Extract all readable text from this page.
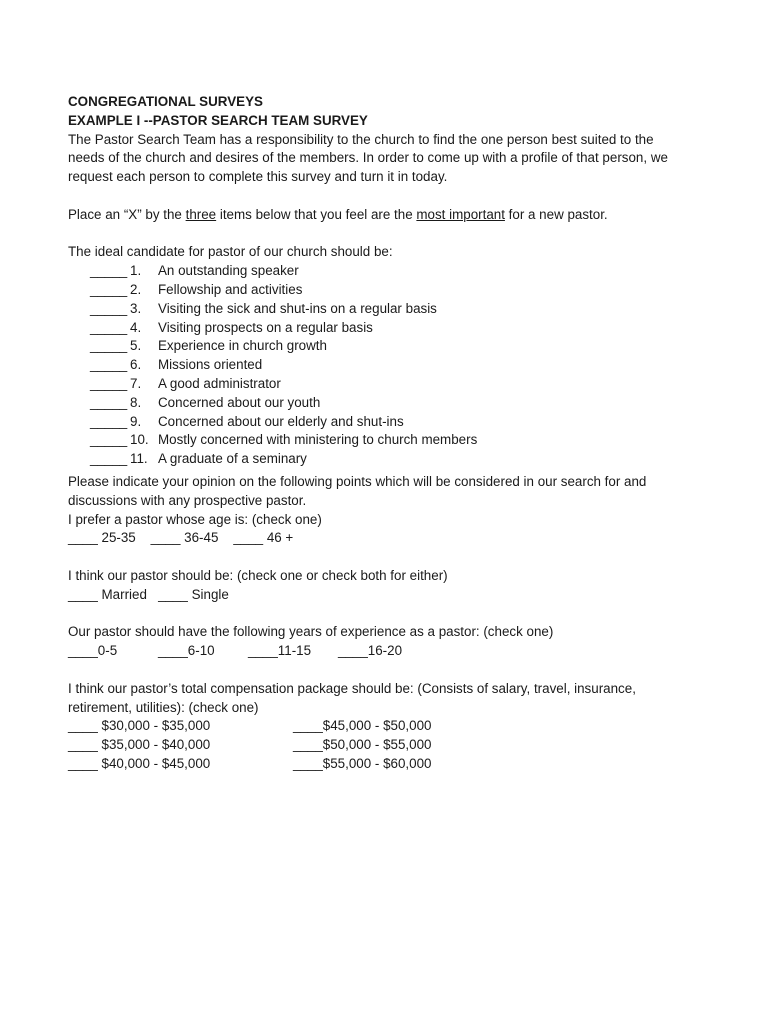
CONGREGATIONAL SURVEYS
EXAMPLE I --PASTOR SEARCH TEAM SURVEY
The Pastor Search Team has a responsibility to the church to find the one person best suited to the
needs of the church and desires of the members. In order to come up with a profile of that person, we
request each person to complete this survey and turn it in today.
Place an “X” by the three items below that you feel are the most important for a new pastor.
The ideal candidate for pastor of our church should be:
_____ 1.	An outstanding speaker
_____ 2.	Fellowship and activities
_____ 3.	Visiting the sick and shut-ins on a regular basis
_____ 4.	Visiting prospects on a regular basis
_____ 5.	Experience in church growth
_____ 6.	Missions oriented
_____ 7.	A good administrator
_____ 8.	Concerned about our youth
_____ 9.	Concerned about our elderly and shut-ins
_____ 10. Mostly concerned with ministering to church members
_____ 11. A graduate of a seminary
Please indicate your opinion on the following points which will be considered in our search for and
discussions with any prospective pastor.
I prefer a pastor whose age is: (check one)
____ 25-35 ____ 36-45 ____ 46 +
I think our pastor should be: (check one or check both for either)
____ Married ____ Single
Our pastor should have the following years of experience as a pastor: (check one)
____0-5	____6-10 ____11-15 ____16-20
I think our pastor’s total compensation package should be: (Consists of salary, travel, insurance,
retirement, utilities): (check one)
____ $30,000 - $35,000	____$45,000 - $50,000
____ $35,000 - $40,000	____$50,000 - $55,000
____ $40,000 - $45,000	____$55,000 - $60,000
